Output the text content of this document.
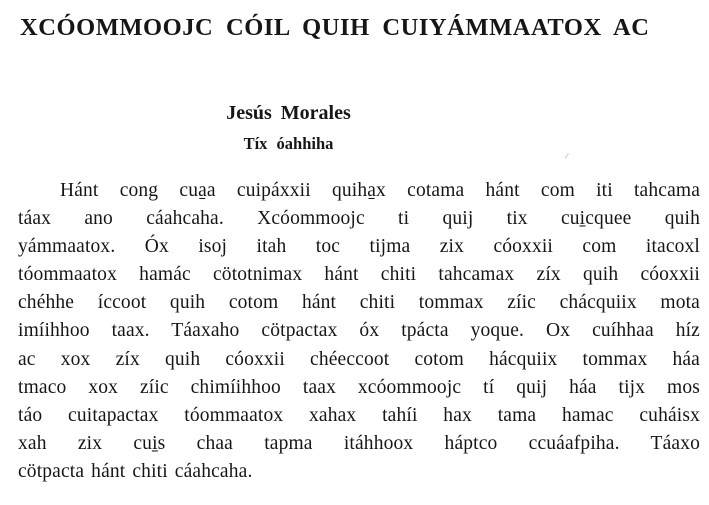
XCÓOMMOOJC CÓIL QUIH CUIYÁMMAATOX AC
Jesús Morales
Tíx óahhiha
Hánt cong cua̱a cuipáxxii quiha̱x cotama hánt com iti tahcama
táax ano cáahcaha. Xcóommoojc ti quij tix cui̱cquee quih
yámmaatox. Óx isoj itah toc tijma zix cóoxxii com itacoxl
tóommaatox hamác cötotnimax hánt chiti tahcamax zíx quih cóoxxii
chéhhe íccoot quih cotom hánt chiti tommax zíic chácquiix mota
imíihhoo taax. Táaxaho cötpactax óx tpácta yoque. Ox cuíhhaa híz
ac xox zíx quih cóoxxii chéeccoot cotom hácquiix tommax háa
tmaco xox zíic chimíihhoo taax xcóommoojc tí quij háa tijx mos
táo cuitapactax tóommaatox xahax tahíi hax tama hamac cuháisx
xah zix cui̱s chaa tapma itáhhoox háptco ccuáafpiha. Táaxo
cötpacta hánt chiti cáahcaha.
